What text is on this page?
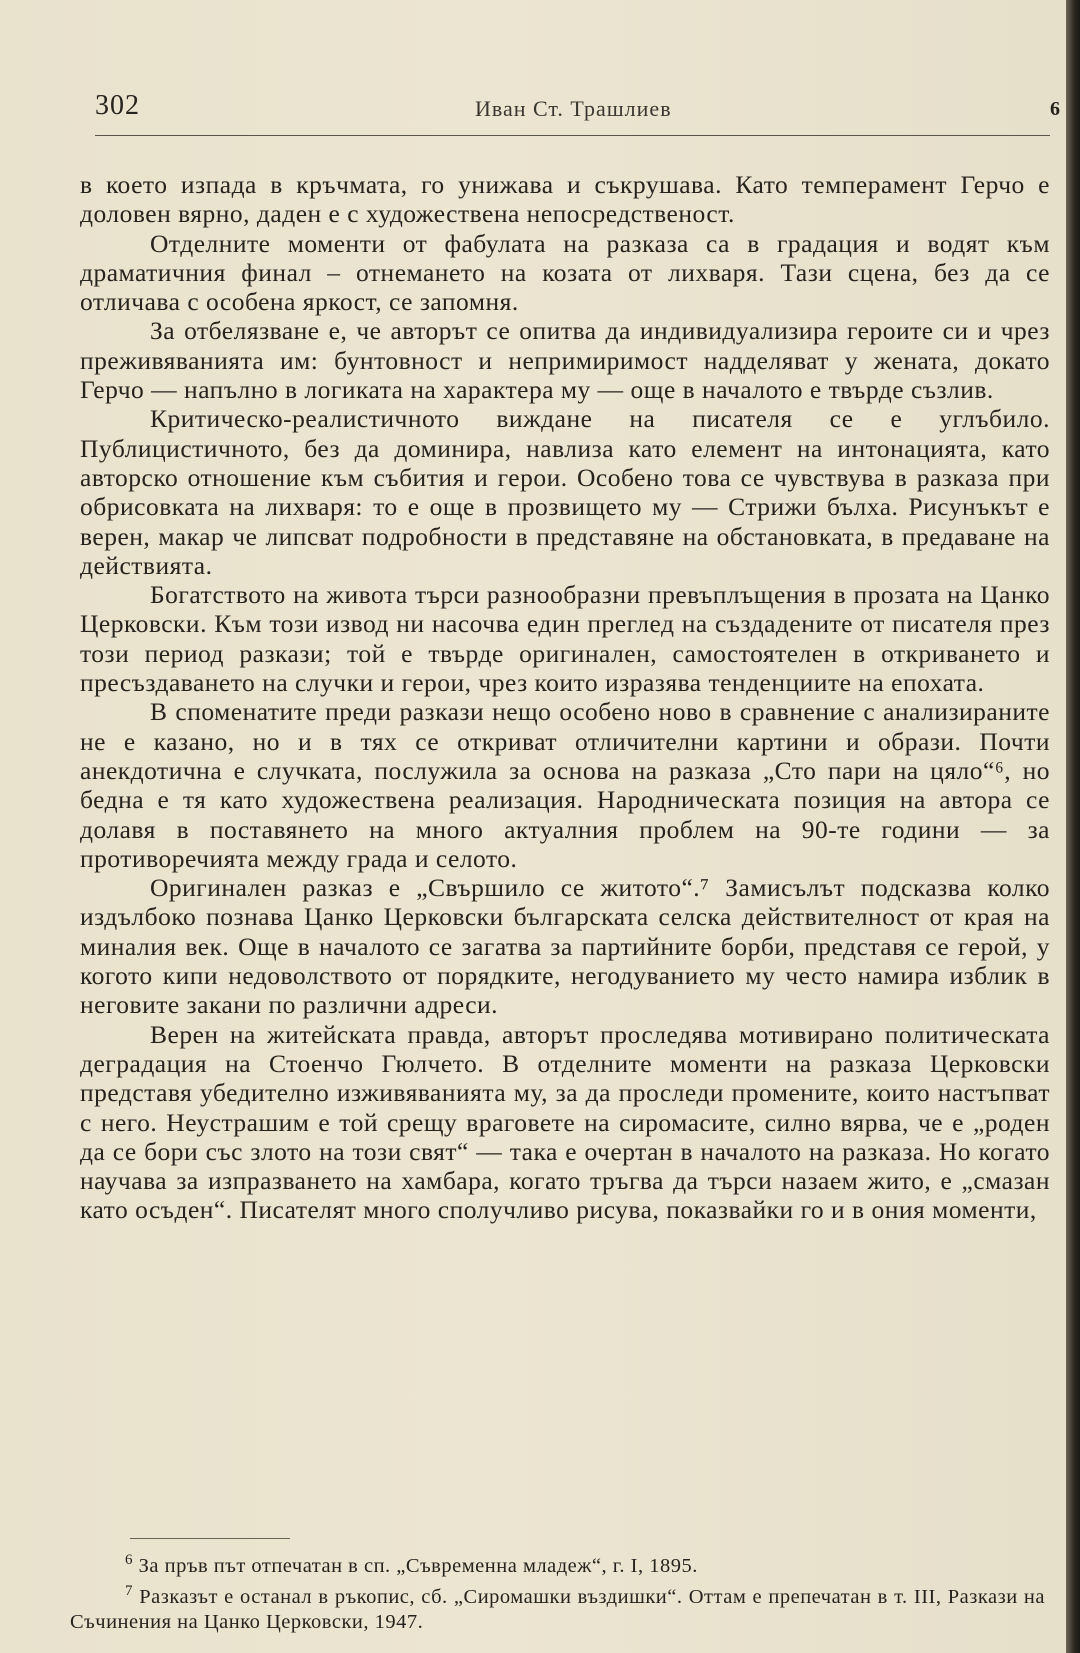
302	Иван Ст. Трашлиев	6

в което изпада в кръчмата, го унижава и съкрушава. Като темперамент Герчо е доловен вярно, даден е с художествена непосредственост.

Отделните моменти от фабулата на разказа са в градация и водят към драматичния финал – отнемането на козата от лихваря. Тази сцена, без да се отличава с особена яркост, се запомня.

За отбелязване е, че авторът се опитва да индивидуализира героите си и чрез преживяванията им: бунтовност и непримиримост надделяват у жената, докато Герчо — напълно в логиката на характера му — още в началото е твърде съзлив.

Критическо-реалистичното виждане на писателя се е углъбило. Публицистичното, без да доминира, навлиза като елемент на интонацията, като авторско отношение към събития и герои. Особено това се чувствува в разказа при обрисовката на лихваря: то е още в прозвището му — Стрижи бълха. Рисунъкът е верен, макар че липсват подробности в представяне на обстановката, в предаване на действията.

Богатството на живота търси разнообразни превъплъщения в прозата на Цанко Церковски. Към този извод ни насочва един преглед на създадените от писателя през този период разкази; той е твърде оригинален, самостоятелен в откриването и пресъздаването на случки и герои, чрез които изразява тенденциите на епохата.

В споменатите преди разкази нещо особено ново в сравнение с анализираните не е казано, но и в тях се откриват отличителни картини и образи. Почти анекдотична е случката, послужила за основа на разказа „Сто пари на цяло“⁶, но бедна е тя като художествена реализация. Народническата позиция на автора се долавя в поставянето на много актуалния проблем на 90-те години — за противоречията между града и селото.

Оригинален разказ е „Свършило се житото“.⁷ Замисълът подсказва колко издълбоко познава Цанко Церковски българската селска действителност от края на миналия век. Още в началото се загатва за партийните борби, представя се герой, у когото кипи недоволството от порядките, негодуванието му често намира изблик в неговите закани по различни адреси.

Верен на житейската правда, авторът проследява мотивирано политическата деградация на Стоенчо Гюлчето. В отделните моменти на разказа Церковски представя убедително изживяванията му, за да проследи промените, които настъпват с него. Неустрашим е той срещу враговете на сиромасите, силно вярва, че е „роден да се бори със злото на този свят“ — така е очертан в началото на разказа. Но когато научава за изпразването на хамбара, когато тръгва да търси назаем жито, е „смазан като осъден“. Писателят много сполучливо рисува, показвайки го и в ония моменти,

$^6$ За пръв път отпечатан в сп. „Съвременна младеж“, г. I, 1895.

$^7$ Разказът е останал в ръкопис, сб. „Сиромашки въздишки“. Оттам е препечатан в т. III, Разкази на Съчинения на Цанко Церковски, 1947.
